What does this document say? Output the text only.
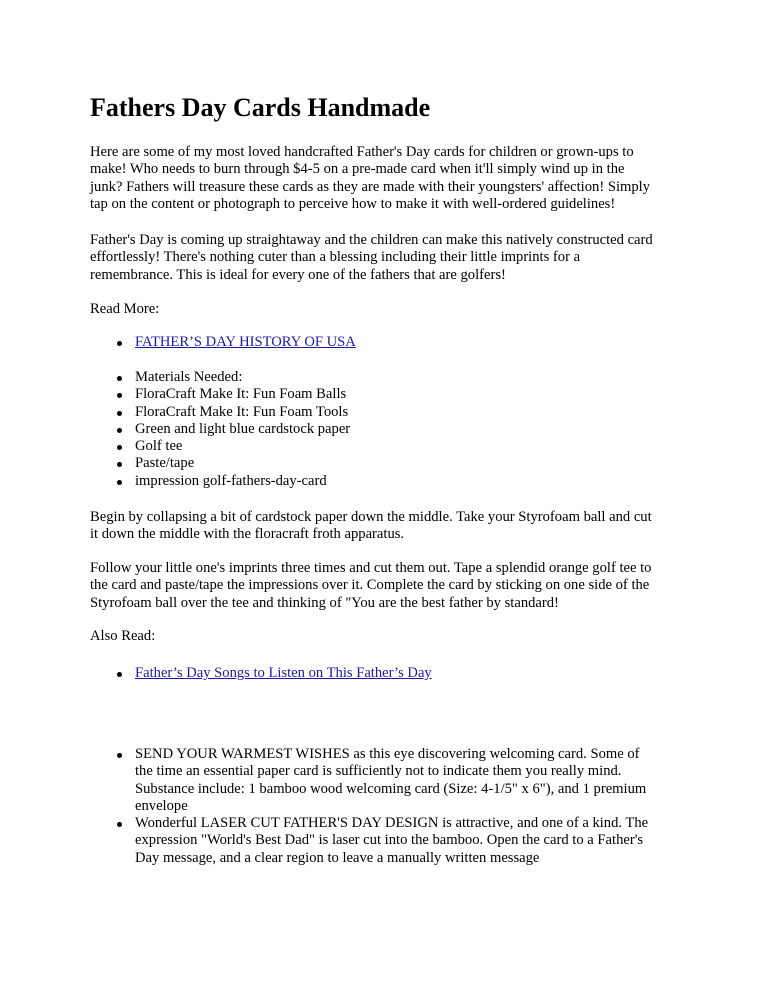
Fathers Day Cards Handmade

Here are some of my most loved handcrafted Father's Day cards for children or grown-ups to
make! Who needs to burn through $4-5 on a pre-made card when it'll simply wind up in the
junk? Fathers will treasure these cards as they are made with their youngsters' affection! Simply
tap on the content or photograph to perceive how to make it with well-ordered guidelines!

Father's Day is coming up straightaway and the children can make this natively constructed card
effortlessly! There's nothing cuter than a blessing including their little imprints for a
remembrance. This is ideal for every one of the fathers that are golfers!

Read More:

FATHER’S DAY HISTORY OF USA
Materials Needed:
FloraCraft Make It: Fun Foam Balls
FloraCraft Make It: Fun Foam Tools
Green and light blue cardstock paper
Golf tee
Paste/tape
impression golf-fathers-day-card

Begin by collapsing a bit of cardstock paper down the middle. Take your Styrofoam ball and cut
it down the middle with the floracraft froth apparatus.

Follow your little one's imprints three times and cut them out. Tape a splendid orange golf tee to
the card and paste/tape the impressions over it. Complete the card by sticking on one side of the
Styrofoam ball over the tee and thinking of "You are the best father by standard!

Also Read:

Father’s Day Songs to Listen on This Father’s Day
SEND YOUR WARMEST WISHES as this eye discovering welcoming card. Some of
the time an essential paper card is sufficiently not to indicate them you really mind.
Substance include: 1 bamboo wood welcoming card (Size: 4-1/5" x 6"), and 1 premium
envelope
Wonderful LASER CUT FATHER'S DAY DESIGN is attractive, and one of a kind. The
expression "World's Best Dad" is laser cut into the bamboo. Open the card to a Father's
Day message, and a clear region to leave a manually written message
